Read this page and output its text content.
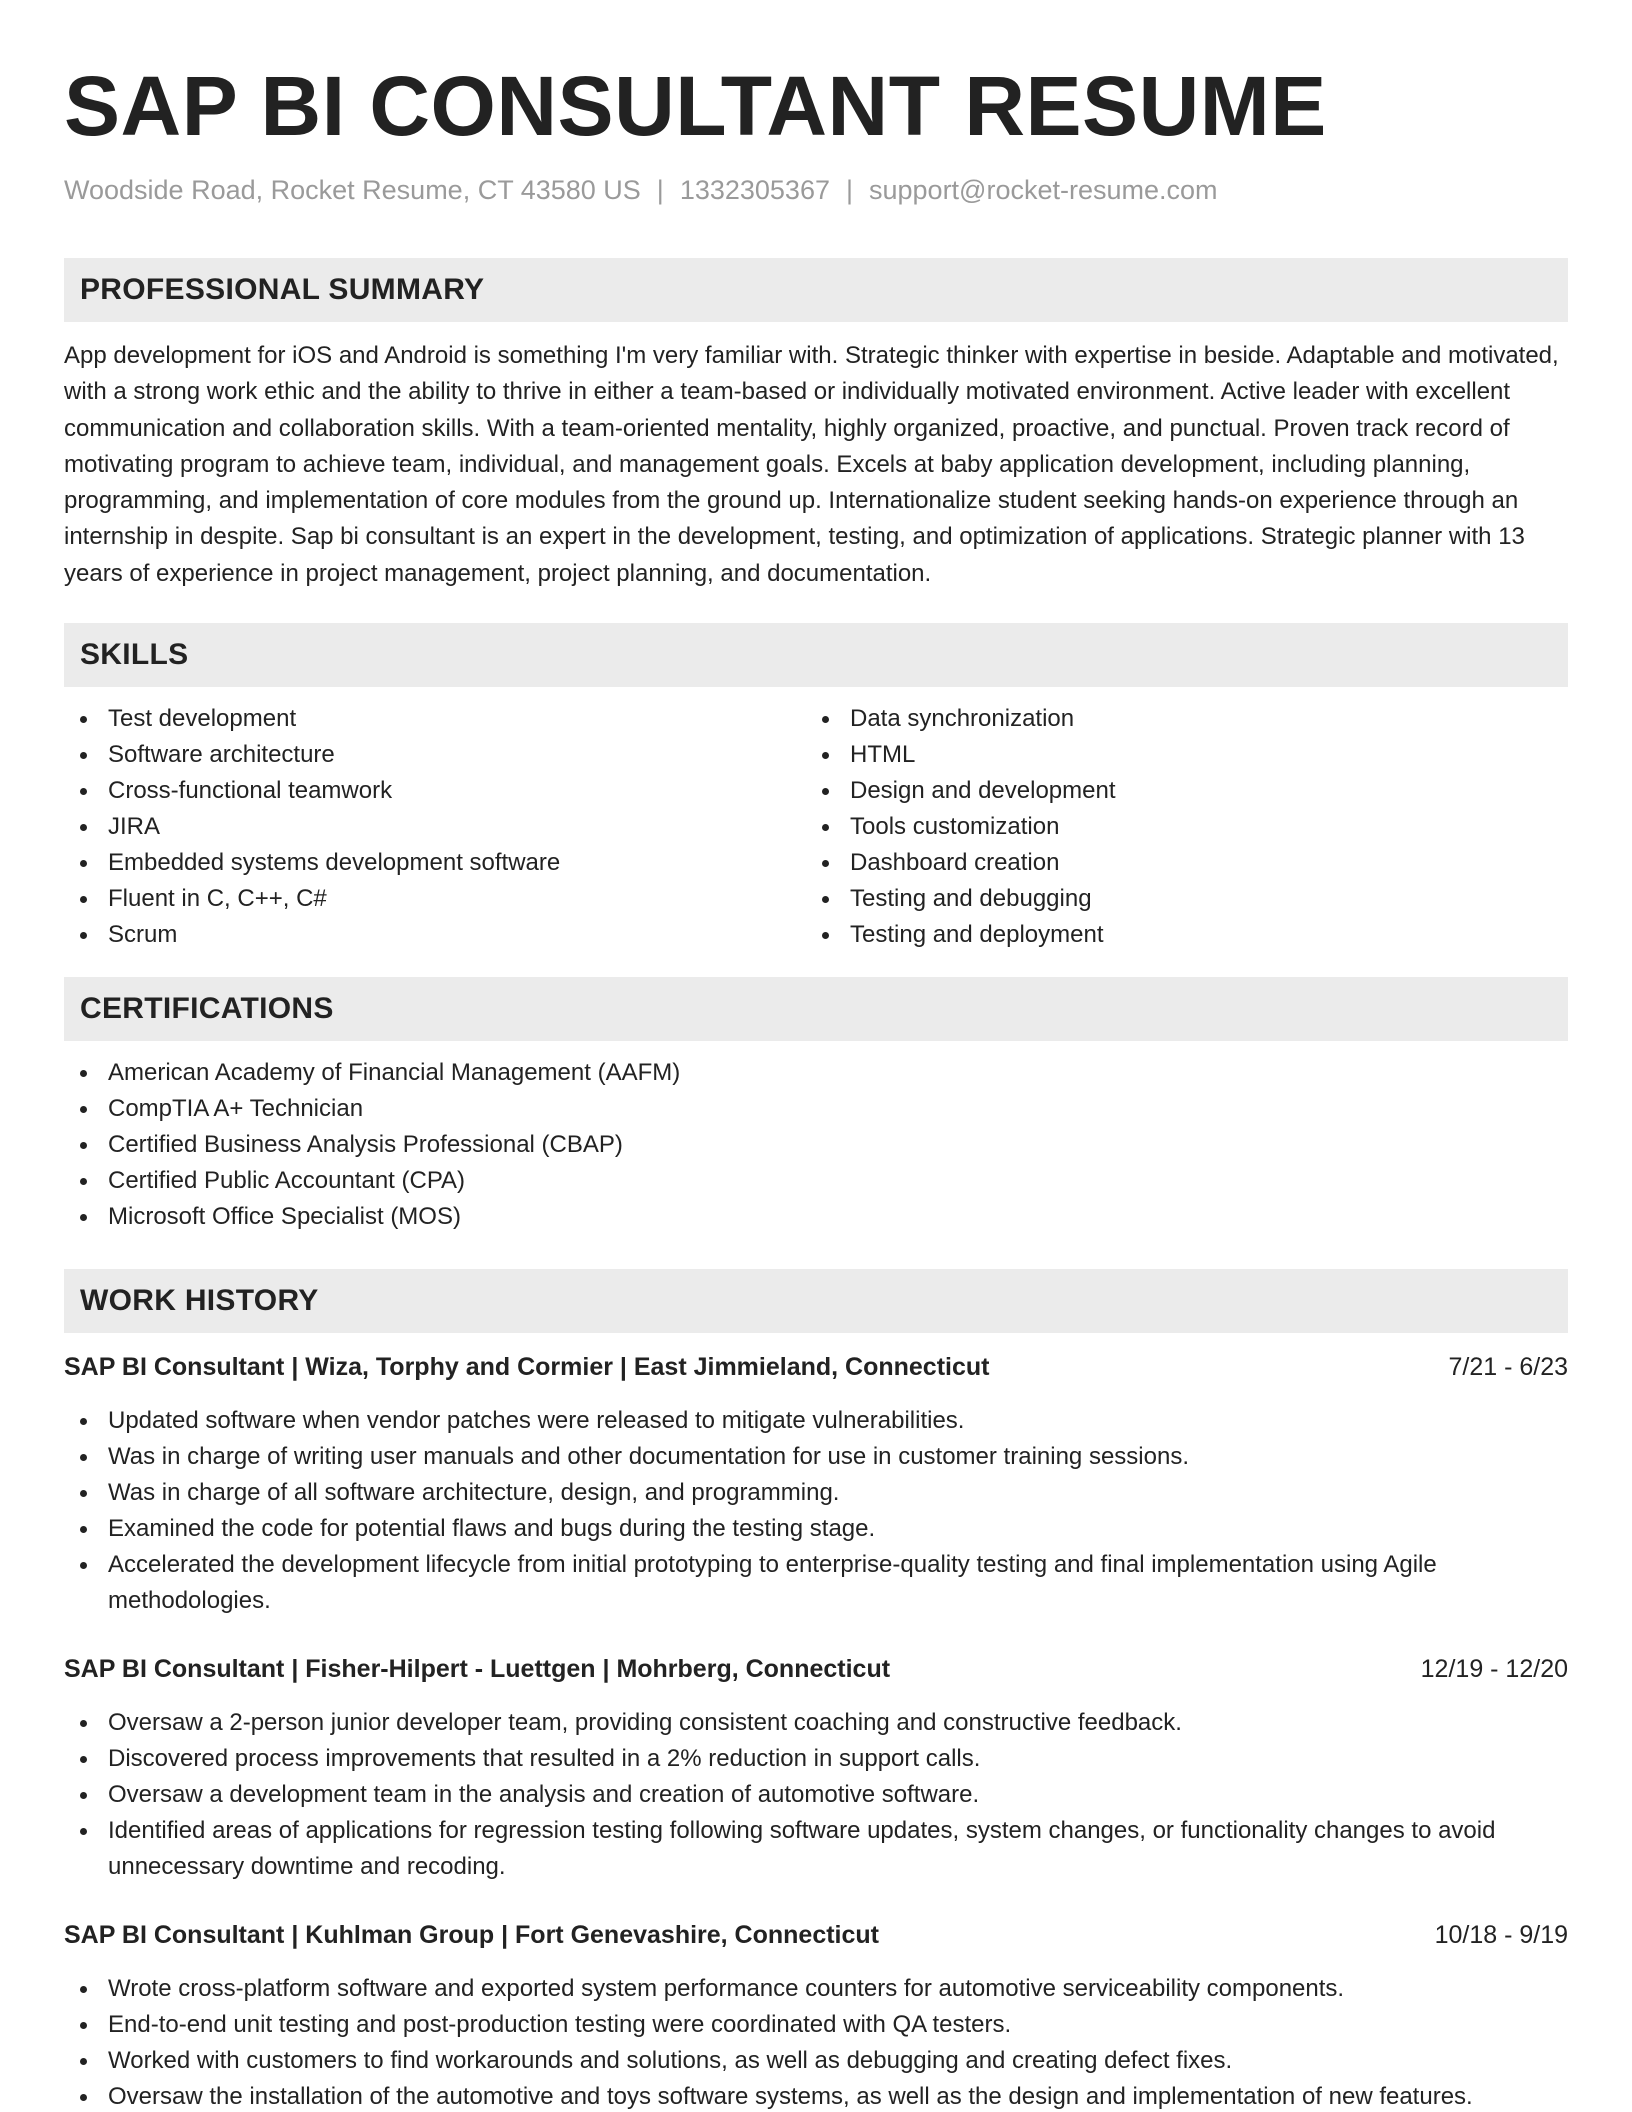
SAP BI CONSULTANT RESUME
Woodside Road, Rocket Resume, CT 43580 US | 1332305367 | support@rocket-resume.com
PROFESSIONAL SUMMARY

App development for iOS and Android is something I'm very familiar with. Strategic thinker with expertise in beside. Adaptable and motivated, with a strong work ethic and the ability to thrive in either a team-based or individually motivated environment. Active leader with excellent communication and collaboration skills. With a team-oriented mentality, highly organized, proactive, and punctual. Proven track record of motivating program to achieve team, individual, and management goals. Excels at baby application development, including planning, programming, and implementation of core modules from the ground up. Internationalize student seeking hands-on experience through an internship in despite. Sap bi consultant is an expert in the development, testing, and optimization of applications. Strategic planner with 13 years of experience in project management, project planning, and documentation.

SKILLS
Test development
Software architecture
Cross-functional teamwork
JIRA
Embedded systems development software
Fluent in C, C++, C#
Scrum
Data synchronization
HTML
Design and development
Tools customization
Dashboard creation
Testing and debugging
Testing and deployment
CERTIFICATIONS
American Academy of Financial Management (AAFM)
CompTIA A+ Technician
Certified Business Analysis Professional (CBAP)
Certified Public Accountant (CPA)
Microsoft Office Specialist (MOS)
WORK HISTORY
SAP BI Consultant | Wiza, Torphy and Cormier | East Jimmieland, Connecticut	7/21 - 6/23
Updated software when vendor patches were released to mitigate vulnerabilities.
Was in charge of writing user manuals and other documentation for use in customer training sessions.
Was in charge of all software architecture, design, and programming.
Examined the code for potential flaws and bugs during the testing stage.
Accelerated the development lifecycle from initial prototyping to enterprise-quality testing and final implementation using Agile methodologies.
SAP BI Consultant | Fisher-Hilpert - Luettgen | Mohrberg, Connecticut	12/19 - 12/20
Oversaw a 2-person junior developer team, providing consistent coaching and constructive feedback.
Discovered process improvements that resulted in a 2% reduction in support calls.
Oversaw a development team in the analysis and creation of automotive software.
Identified areas of applications for regression testing following software updates, system changes, or functionality changes to avoid unnecessary downtime and recoding.
SAP BI Consultant | Kuhlman Group | Fort Genevashire, Connecticut	10/18 - 9/19
Wrote cross-platform software and exported system performance counters for automotive serviceability components.
End-to-end unit testing and post-production testing were coordinated with QA testers.
Worked with customers to find workarounds and solutions, as well as debugging and creating defect fixes.
Oversaw the installation of the automotive and toys software systems, as well as the design and implementation of new features.
